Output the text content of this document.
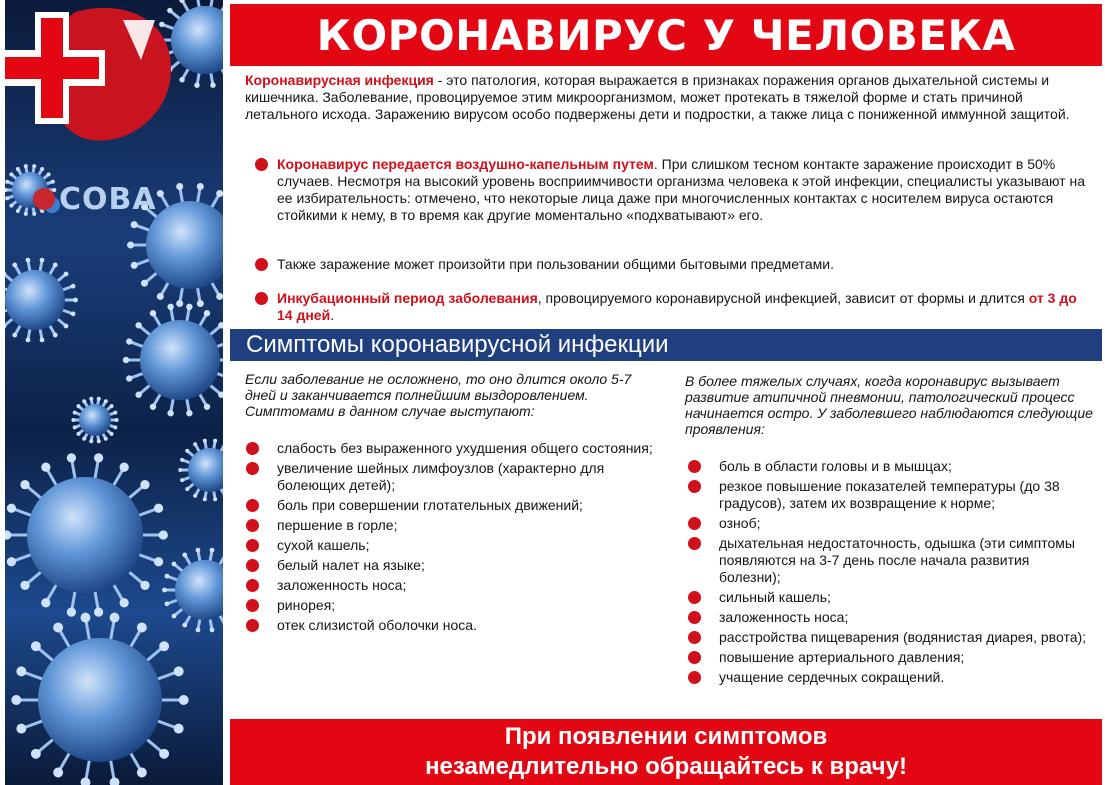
СОВА
КОРОНАВИРУС У ЧЕЛОВЕКА
Коронавирусная инфекция - это патология, которая выражается в признаках поражения органов дыхательной системы и кишечника. Заболевание, провоцируемое этим микроорганизмом, может протекать в тяжелой форме и стать причиной летального исхода. Заражению вирусом особо подвержены дети и подростки, а также лица с пониженной иммунной защитой.
Коронавирус передается воздушно-капельным путем. При слишком тесном контакте заражение происходит в 50% случаев. Несмотря на высокий уровень восприимчивости организма человека к этой инфекции, специалисты указывают на ее избирательность: отмечено, что некоторые лица даже при многочисленных контактах с носителем вируса остаются стойкими к нему, в то время как другие моментально «подхватывают» его.
Также заражение может произойти при пользовании общими бытовыми предметами.
Инкубационный период заболевания, провоцируемого коронавирусной инфекцией, зависит от формы и длится от 3 до 14 дней.
Симптомы коронавирусной инфекции
Если заболевание не осложнено, то оно длится около 5-7 дней и заканчивается полнейшим выздоровлением. Симптомами в данном случае выступают:
слабость без выраженного ухудшения общего состояния;
увеличение шейных лимфоузлов (характерно для болеющих детей);
боль при совершении глотательных движений;
першение в горле;
сухой кашель;
белый налет на языке;
заложенность носа;
ринорея;
отек слизистой оболочки носа.
В более тяжелых случаях, когда коронавирус вызывает развитие атипичной пневмонии, патологический процесс начинается остро. У заболевшего наблюдаются следующие проявления:
боль в области головы и в мышцах;
резкое повышение показателей температуры (до 38 градусов), затем их возвращение к норме;
озноб;
дыхательная недостаточность, одышка (эти симптомы появляются на 3-7 день после начала развития болезни);
сильный кашель;
заложенность носа;
расстройства пищеварения (водянистая диарея, рвота);
повышение артериального давления;
учащение сердечных сокращений.
При появлении симптомов
незамедлительно обращайтесь к врачу!
